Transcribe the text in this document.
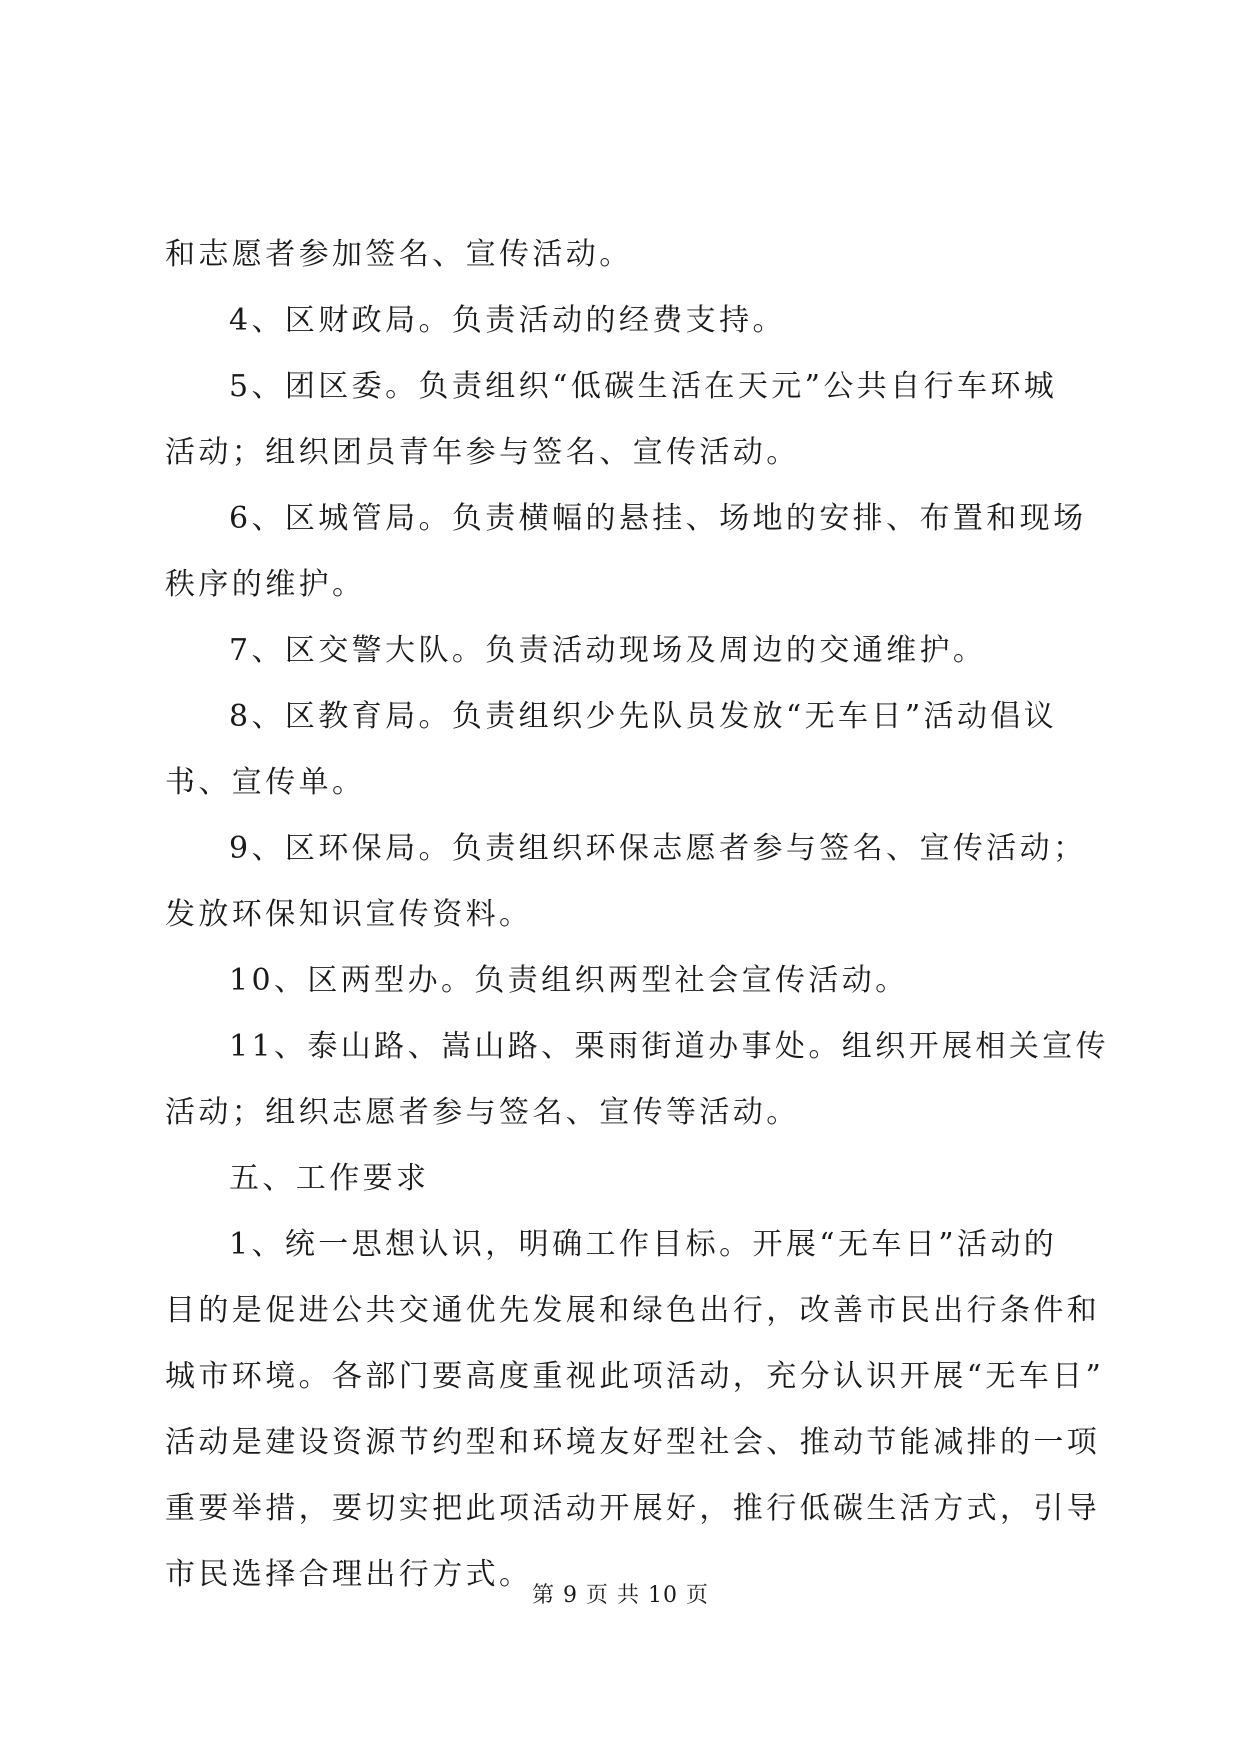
和志愿者参加签名、宣传活动。
4、区财政局。负责活动的经费支持。
5、团区委。负责组织“低碳生活在天元”公共自行车环城
活动；组织团员青年参与签名、宣传活动。
6、区城管局。负责横幅的悬挂、场地的安排、布置和现场
秩序的维护。
7、区交警大队。负责活动现场及周边的交通维护。
8、区教育局。负责组织少先队员发放“无车日”活动倡议
书、宣传单。
9、区环保局。负责组织环保志愿者参与签名、宣传活动；
发放环保知识宣传资料。
10、区两型办。负责组织两型社会宣传活动。
11、泰山路、嵩山路、栗雨街道办事处。组织开展相关宣传
活动；组织志愿者参与签名、宣传等活动。
五、工作要求
1、统一思想认识，明确工作目标。开展“无车日”活动的
目的是促进公共交通优先发展和绿色出行，改善市民出行条件和
城市环境。各部门要高度重视此项活动，充分认识开展“无车日”
活动是建设资源节约型和环境友好型社会、推动节能减排的一项
重要举措，要切实把此项活动开展好，推行低碳生活方式，引导
市民选择合理出行方式。
第 9 页 共 10 页
